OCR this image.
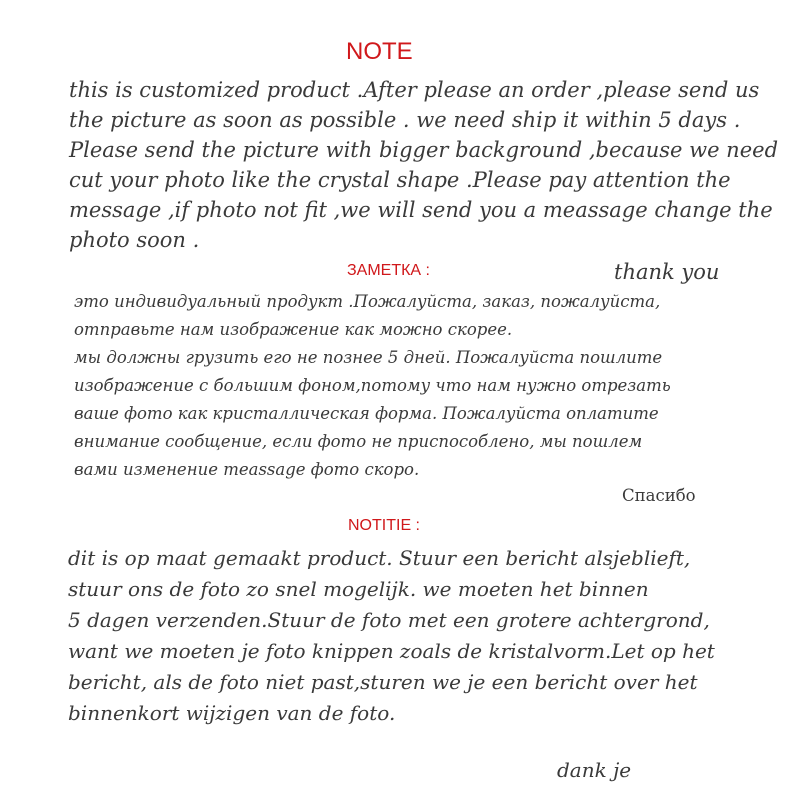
NOTE
this is customized product .After please an order ,please send us
the picture as soon as possible . we need ship it within 5 days .
Please send the picture with bigger background ,because we need
cut your photo like the crystal shape .Please pay attention the
message ,if photo not fit ,we will send you a meassage change the
photo soon .
thank you
ЗАМЕТКА :
это индивидуальный продукт .Пожалуйста, заказ, пожалуйста,
отправьте нам изображение как можно скорее.
мы должны грузить его не познее 5 дней. Пожалуйста пошлите
изображение с большим фоном,потому что нам нужно отрезать
ваше фото как кристаллическая форма. Пожалуйста оплатите
внимание сообщение, если фото не приспособлено, мы пошлем
вами изменение meassage фото скоро.
Спасибо
NOTITIE :
dit is op maat gemaakt product. Stuur een bericht alsjeblieft,
stuur ons de foto zo snel mogelijk. we moeten het binnen
5 dagen verzenden.Stuur de foto met een grotere achtergrond,
want we moeten je foto knippen zoals de kristalvorm.Let op het
bericht, als de foto niet past,sturen we je een bericht over het
binnenkort wijzigen van de foto.
dank je
